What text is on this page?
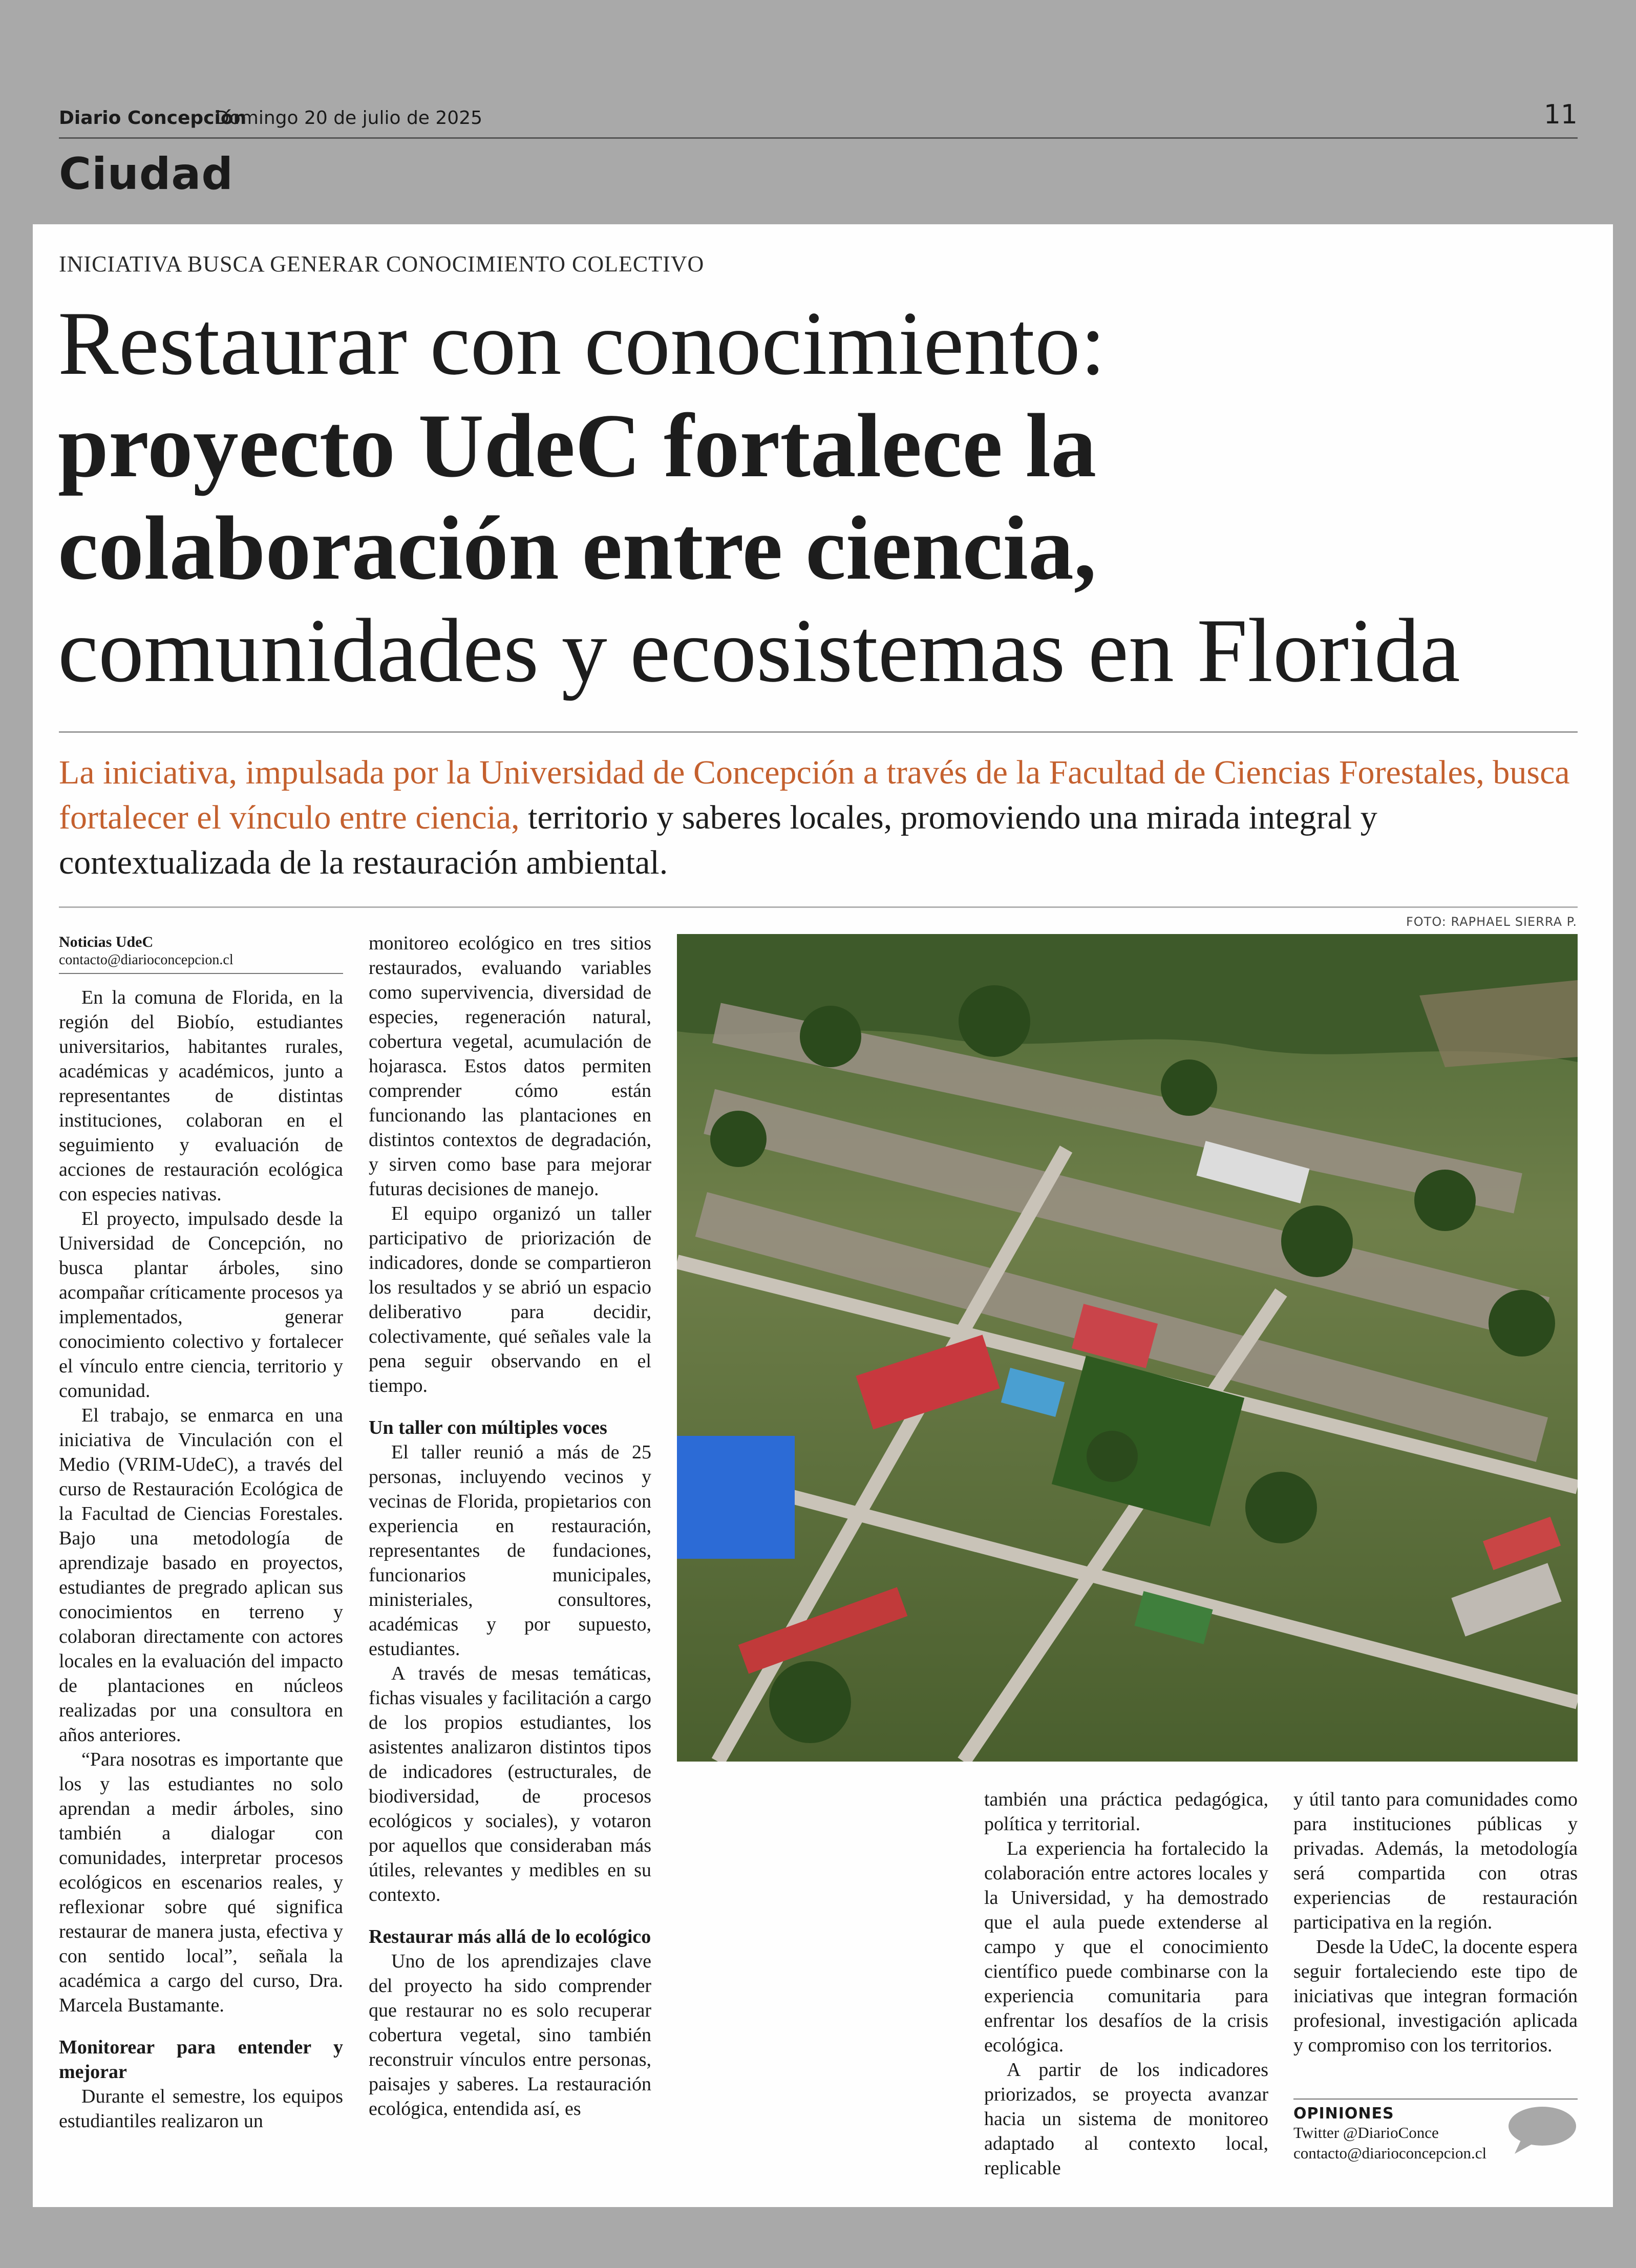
Diario Concepción
Domingo 20 de julio de 2025	11
Ciudad
INICIATIVA BUSCA GENERAR CONOCIMIENTO COLECTIVO
Restaurar con conocimiento:
proyecto UdeC fortalece la
colaboración entre ciencia,
comunidades y ecosistemas en Florida
La iniciativa, impulsada por la Universidad de Concepción a través de la Facultad de Ciencias Forestales, busca fortalecer el vínculo entre ciencia, territorio y saberes locales, promoviendo una mirada integral y contextualizada de la restauración ambiental.
FOTO: RAPHAEL SIERRA P.
Noticias UdeC
contacto@diarioconcepcion.cl

En la comuna de Florida, en la región del Biobío, estudiantes universitarios, habitantes rurales, académicas y académicos, junto a representantes de distintas instituciones, colaboran en el seguimiento y evaluación de acciones de restauración ecológica con especies nativas.

El proyecto, impulsado desde la Universidad de Concepción, no busca plantar árboles, sino acompañar críticamente procesos ya implementados, generar conocimiento colectivo y fortalecer el vínculo entre ciencia, territorio y comunidad.

El trabajo, se enmarca en una iniciativa de Vinculación con el Medio (VRIM-UdeC), a través del curso de Restauración Ecológica de la Facultad de Ciencias Forestales. Bajo una metodología de aprendizaje basado en proyectos, estudiantes de pregrado aplican sus conocimientos en terreno y colaboran directamente con actores locales en la evaluación del impacto de plantaciones en núcleos realizadas por una consultora en años anteriores.

“Para nosotras es importante que los y las estudiantes no solo aprendan a medir árboles, sino también a dialogar con comunidades, interpretar procesos ecológicos en escenarios reales, y reflexionar sobre qué significa restaurar de manera justa, efectiva y con sentido local”, señala la académica a cargo del curso, Dra. Marcela Bustamante.

Monitorear para entender y mejorar

Durante el semestre, los equipos estudiantiles realizaron un

monitoreo ecológico en tres sitios restaurados, evaluando variables como supervivencia, diversidad de especies, regeneración natural, cobertura vegetal, acumulación de hojarasca. Estos datos permiten comprender cómo están funcionando las plantaciones en distintos contextos de degradación, y sirven como base para mejorar futuras decisiones de manejo.

El equipo organizó un taller participativo de priorización de indicadores, donde se compartieron los resultados y se abrió un espacio deliberativo para decidir, colectivamente, qué señales vale la pena seguir observando en el tiempo.

Un taller con múltiples voces

El taller reunió a más de 25 personas, incluyendo vecinos y vecinas de Florida, propietarios con experiencia en restauración, representantes de fundaciones, funcionarios municipales, ministeriales, consultores, académicas y por supuesto, estudiantes.

A través de mesas temáticas, fichas visuales y facilitación a cargo de los propios estudiantes, los asistentes analizaron distintos tipos de indicadores (estructurales, de biodiversidad, de procesos ecológicos y sociales), y votaron por aquellos que consideraban más útiles, relevantes y medibles en su contexto.

Restaurar más allá de lo ecológico

Uno de los aprendizajes clave del proyecto ha sido comprender que restaurar no es solo recuperar cobertura vegetal, sino también reconstruir vínculos entre personas, paisajes y saberes. La restauración ecológica, entendida así, es

también una práctica pedagógica, política y territorial.

La experiencia ha fortalecido la colaboración entre actores locales y la Universidad, y ha demostrado que el aula puede extenderse al campo y que el conocimiento científico puede combinarse con la experiencia comunitaria para enfrentar los desafíos de la crisis ecológica.

A partir de los indicadores priorizados, se proyecta avanzar hacia un sistema de monitoreo adaptado al contexto local, replicable

y útil tanto para comunidades como para instituciones públicas y privadas. Además, la metodología será compartida con otras experiencias de restauración participativa en la región.

Desde la UdeC, la docente espera seguir fortaleciendo este tipo de iniciativas que integran formación profesional, investigación aplicada y compromiso con los territorios.

OPINIONES
Twitter @DiarioConce
contacto@diarioconcepcion.cl
